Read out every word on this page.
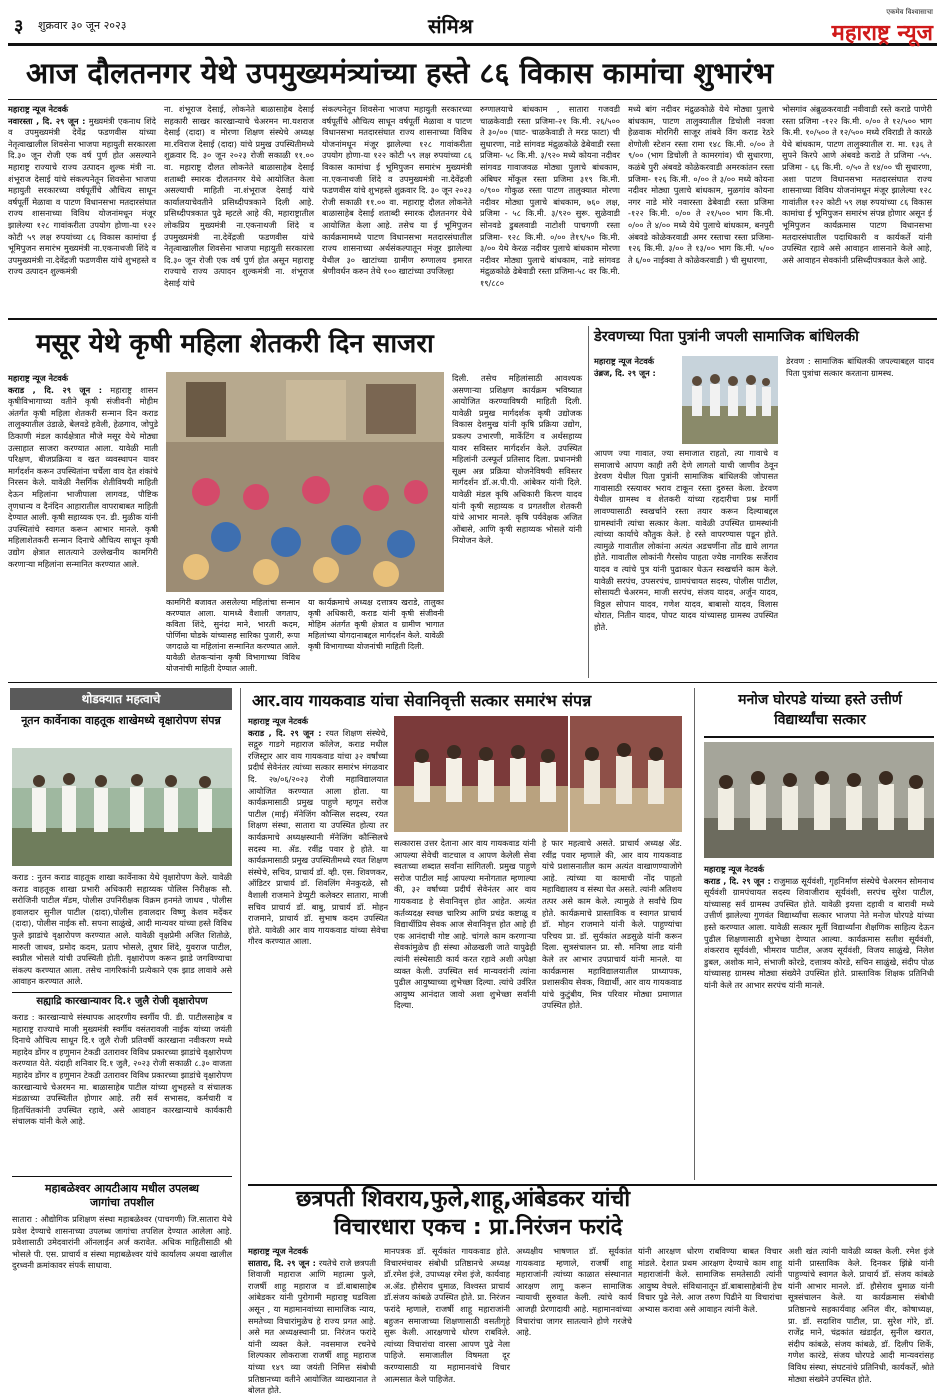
३ शुक्रवार ३० जून २०२३	संमिश्र
एकमेव विश्वासाचा
महाराष्ट्र न्यूज
आज दौलतनगर येथे उपमुख्यमंत्र्यांच्या हस्ते ८६ विकास कामांचा शुभारंभ
महाराष्ट्र न्यूज नेटवर्क
नवारस्ता , दि. २९ जून : मुख्यमंत्री एकनाथ शिंदे व उपमुख्यमंत्री देवेंद्र फडणवीस यांच्या नेतृत्वाखालील शिवसेना भाजपा महायुती सरकारला दि.३० जून रोजी एक वर्ष पुर्ण होत असल्याने महाराष्ट्र राज्याचे राज्य उत्पादन शुल्क मंत्री ना. शंभूराज देसाई यांचे संकल्पनेतून शिवसेना भाजपा महायुती सरकारच्या वर्षपूर्तीचे औचित्य साधून वर्षपूर्ती मेळावा व पाटण विधानसभा मतदारसंघात राज्य शासनाच्या विविध योजनांमधून मंजूर झालेल्या १२८ गावांकरीता उपयोग होणा-या १२२ कोटी ५९ लक्ष रुपयांच्या ८६ विकास कामांचा ई भूमिपुजन समारंभ मुख्यमंत्री ना.एकनाथजी शिंदे व उपमुख्यमंत्री ना.देवेंद्रजी फडणवीस यांचे शुभहस्ते व राज्य उत्पादन शुल्कमंत्री
ना. शंभूराज देसाई, लोकनेते बाळासाहेब देसाई सहकारी साखर कारखान्याचे चेअरमन मा.यशराज देसाई (दादा) व मोरणा शिक्षण संस्थेचे अध्यक्ष मा.रविराज देसाई (दादा) यांचे प्रमुख उपस्थितीमध्ये शुक्रवार दि. ३० जून २०२३ रोजी सकाळी ११.०० वा. महाराष्ट्र दौलत लोकनेते बाळासाहेब देसाई शताब्दी स्मारक दौलतनगर येथे आयोजित केला असल्याची माहिती ना.शंभूराज देसाई यांचे कार्यालयाचेवतीने प्रसिध्दीपत्रकाने दिली आहे. प्रसिध्दीपत्रकात पुढे म्हटले आहे की, महाराष्ट्रातील लोकप्रिय मुख्यमंत्री ना.एकनाथजी शिंदे व उपमुख्यमंत्री ना.देवेंद्रजी फडणवीस यांचे नेतृत्वाखालील शिवसेना भाजपा महायुती सरकारला दि.३० जून रोजी एक वर्ष पुर्ण होत असून महाराष्ट्र राज्याचे राज्य उत्पादन शुल्कमंत्री ना. शंभूराज देसाई यांचे
संकल्पनेतून शिवसेना भाजपा महायुती सरकारच्या वर्षपूर्तीचे औचित्य साधून वर्षपूर्ती मेळावा व पाटण विधानसभा मतदारसंघात राज्य शासनाच्या विविध योजनांमधून मंजूर झालेल्या १२८ गावांकरीता उपयोग होणा-या १२२ कोटी ५९ लक्ष रुपयांच्या ८६ विकास कामांचा ई भूमिपुजन समारंभ मुख्यमंत्री ना.एकनाथजी शिंदे व उपमुख्यमंत्री ना.देवेंद्रजी फडणवीस यांचे शुभहस्ते शुक्रवार दि. ३० जून २०२३ रोजी सकाळी ११.०० वा. महाराष्ट्र दौलत लोकनेते बाळासाहेब देसाई शताब्दी स्मारक दौलतनगर येथे आयोजित केला आहे. तसेच या ई भूमिपुजन कार्यक्रमामध्ये पाटण विधानसभा मतदारसंघातील राज्य शासनाच्या अर्थसंकल्पातून मंजूर झालेल्या येथील ३० खाटांच्या ग्रामीण रुग्णालय इमारत श्रेणीवर्धन करुन तेथे १०० खाटांच्या उपजिल्हा
रुग्णालयाचे बांधकाम , सातारा गजवडी चाळकेवाडी रस्ता प्रजिमा-२१ कि.मी. २६/५०० ते ३०/०० (घाट- चाळकेवाडी ते मरड फाटा) ची सुधारणा, नाडे सांगवड मंद्रुळकोळे ढेबेवाडी रस्ता प्रजिमा- ५८ कि.मी. ३/९२० मध्ये कोयना नदीवर सांगवड गावाजवळ मोठ्या पुलाचे बांधकाम, अंबिघर मोंकूल रस्ता प्रजिमा ३१९ कि.मी. ०/९०० गोकुळ रस्ता पाटण तालुक्यात मोरणा नदीवर मोठ्या पुलाचे बांधकाम, ७६० लक्ष, प्रजिमा - ५८ कि.मी. ३/९२० सुरू. सुळेवाडी सोनवडे डुबलवाडी नाटोशी पाचगणी रस्ता प्रजिमा- १२८ कि.मी. ०/०० ते१९/५० कि.मी. ३/०० येथे केरळ नदीवर पुलाचे बांधकाम मोरणा नदीवर मोठ्या पुलाचे बांधकाम, नाडे सांगवड मंद्रुळकोळे ढेबेवाडी रस्ता प्रजिमा-५८ वर कि.मी. १९/८८०
मध्ये बांग नदीवर मंद्रुळकोळे येथे मोठ्या पुलाचे बांधकाम, पाटण तालुक्यातील डिचोली नवजा हेळवाक मोरगिरी साजूर तांबवे विंग कराड रेठरे शेणोली स्टेशन रस्ता रामा १४८ कि.मी. ०/०० ते ९/०० (भाग डिचोली ते कामरगांव) ची सुधारणा, कळंबे पुरी अंबवडे कोळेकरवाडी अमरकांतन रस्ता प्रजिमा- १२६ कि.मी. ०/०० ते ३/०० मध्ये कोयना नदीवर मोठ्या पुलाचे बांधकाम, मुळगांव कोयना नगर नाडे मोरे नवारस्ता ढेबेवाडी रस्ता प्रजिमा -१२२ कि.मी. ०/०० ते २१/५०० भाग कि.मी. ०/०० ते ४/०० मध्ये येथे पुलाचे बांधकाम, बनपुरी अंबवडे कोळेकरवाडी अमर रस्ताचा रस्ता प्रजिमा- १२६ कि.मी. ३/०० ते १३/०० भाग कि.मी. ५/०० ते ६/०० नाईक्वा ते कोळेकरवाडी ) ची सुधारणा,
भोसगांव अंब्रुळकरवाडी नवीवाडी रस्ते कराडे पाणेरी रस्ता प्रजिमा -१२२ कि.मी. ०/०० ते १२/५०० भाग कि.मी. १०/५०० ते १२/५०० मध्ये रविराडी ते कारळे येथे बांधकाम, पाटण तालुक्यातील रा. मा. १३६ ते सुपने किरपे आणे अंबवडे कराडे ते प्रजिमा -५५. प्रजिमा - ६६ कि.मी. ०/५० ते १४/०० ची सुधारणा, अशा पाटण विधानसभा मतदारसंघात राज्य शासनाच्या विविध योजनांमधून मंजूर झालेल्या १२८ गावांतील १२२ कोटी ५९ लक्ष रुपयांच्या ८६ विकास कामांचा ई भूमिपुजन समारंभ संपन्न होणार असून ई भूमिपुजन कार्यक्रमास पाटण विधानसभा मतदारसंघातील पदाधिकारी व कार्यकर्ते यांनी उपस्थित रहावे असे आवाहन शासनाने केले आहे, असे आवाहन सेवकांनी प्रसिध्दीपत्रकात केले आहे.
मसूर येथे कृषी महिला शेतकरी दिन साजरा
महाराष्ट्र न्यूज नेटवर्क
कराड , दि. २९ जून : महाराष्ट्र शासन कृषीविभागाच्या वतीने कृषी संजीवनी मोहीम अंतर्गत कृषी महिला शेतकरी सन्मान दिन कराड तालुक्यातील उंडाळे, बेलवडे हवेली, हेळगाव, जोपुडे ठिकाणी मंडल कार्यक्षेत्रात मौजे मसूर येथे मोठ्या उत्साहात साजरा करण्यात आला. यावेळी माती परिक्षण, बीजप्रक्रिया व खत व्यवस्थापन यावर मार्गदर्शन करून उपस्थितांना चर्चेला वाव देत शंकांचे निरसन केले. यावेळी नैसर्गिक शेतीविषयी माहिती देऊन महिलांना भाजीपाला लागवड, पौष्टिक तृणधान्य व दैनंदिन आहारातील वापराबाबत माहिती देण्यात आली. कृषी सहाय्यक एन. डी. मुळीक यांनी उपस्थितांचे स्वागत करून आभार मानले. कृषी महिलाशेतकरी सन्मान दिनाचे औचित्य साधून कृषी उद्योग क्षेत्रात सातत्याने उल्लेखनीय कामगिरी करणाऱ्या महिलांना सन्मानित करण्यात आले.
कामगिरी बजावत असलेल्या महिलांचा सन्मान करण्यात आला. यामध्ये वैशाली जगताप, कविता शिंदे, सुनंदा माने, भारती कदम, पोर्णिमा घोडके यांच्यासह सारिका पुजारी, रूपा जगदाळे या महिलांना सन्मानित करण्यात आले. यावेळी शेतकऱ्यांना कृषी विभागाच्या विविध योजनांची माहिती देण्यात आली.
या कार्यक्रमाचे अध्यक्ष दत्तात्रय खराडे, तालुका कृषी अधिकारी, कराड यांनी कृषी संजीवनी मोहिम अंतर्गत कृषी क्षेत्रात व ग्रामीण भागात महिलांच्या योगदानाबद्दल मार्गदर्शन केले. यावेळी कृषी विभागाच्या योजनांची माहिती दिली.
दिली. तसेच महिलांसाठी आवश्यक असणाऱ्या प्रशिक्षण कार्यक्रम भविष्यात आयोजित करण्याविषयी माहिती दिली. यावेळी प्रमुख मार्गदर्शक कृषी उद्योजक विकास देशमुख यांनी कृषि प्रक्रिया उद्योग, प्रकल्प उभारणी, मार्केटिंग व अर्थसहाय्य यावर सविस्तर मार्गदर्शन केले. उपस्थित महिलांनी उत्स्फूर्त प्रतिसाद दिला. प्रधानमंत्री सूक्ष्म अन्न प्रक्रिया योजनेविषयी सविस्तर मार्गदर्शन डॉ.अ.पी.पी. आंबेकर यांनी दिले. यावेळी मंडल कृषि अधिकारी किरण यादव यांनी कृषी सहाय्यक व प्रगतशील शेतकरी यांचे आभार मानले. कृषि पर्यवेक्षक अजित ओंबासे, आणि कृषी सहाय्यक भोसले यांनी नियोजन केले.
डेरवणच्या पिता पुत्रांनी जपली सामाजिक बांधिलकी
महाराष्ट्र न्यूज नेटवर्क
उंब्रज, दि. २९ जून :
आपण ज्या गावात, ज्या समाजात राहतो, त्या गावाचे व समाजाचे आपण काही तरी देणे लागतो याची जाणीव ठेवून डेरवण येथील पिता पुत्रांनी सामाजिक बांधिलकी जोपासत गावासाठी रस्त्यावर भराव टाकून रस्ता दुरुस्त केला. डेरवण येथील ग्रामस्थ व शेतकरी यांच्या रहदारीचा प्रश्न मार्गी लावण्यासाठी स्वखर्चाने रस्ता तयार करून दिल्याबद्दल ग्रामस्थांनी त्यांचा सत्कार केला. यावेळी उपस्थित ग्रामस्थांनी त्यांच्या कार्याचे कौतुक केले. हे रस्ते वापरण्यास पडून होते. त्यामुळे गावातील लोकांना अत्यंत अडचणींना तोंड द्यावे लागत होते. गावातील लोकांनी गैरसोय पाहता ज्येष्ठ नागरिक सर्जेराव यादव व त्यांचे पुत्र यांनी पुढाकार घेऊन स्वखर्चाने काम केले. यावेळी सरपंच, उपसरपंच, ग्रामपंचायत सदस्य, पोलीस पाटील, सोसायटी चेअरमन, माजी सरपंच, संजय यादव, अर्जुन यादव, विठ्ठल सोपान यादव, गणेश यादव, बाबासो यादव, विलास थोरात, नितीन यादव, पोपट यादव यांच्यासह ग्रामस्थ उपस्थित होते.
डेरवण : सामाजिक बांधिलकी जपल्याबद्दल यादव पिता पुत्रांचा सत्कार करताना ग्रामस्थ.
थोडक्यात महत्वाचे
नूतन कार्वेनाका वाहतूक शाखेमध्ये वृक्षारोपण संपन्न
कराड : नुतन कराड वाहतूक शाखा कार्वेनाका येथे वृक्षारोपण केले. यावेळी कराड वाहतूक शाखा प्रभारी अधिकारी सहाय्यक पोलिस निरीक्षक सौ. सरोजिनी पाटील मॅडम, पोलीस उपनिरीक्षक विक्रम हनमंते जाधव , पोलीस हवालदार सुनील पाटील (दादा),पोलीस हवालदार विष्णु केशव मर्देकर (दादा), पोलीस नाईक सौ. सपना साळुंखे, आदी मान्यवर यांच्या हस्ते विविध फुले झाडांचे वृक्षारोपण करण्यात आले. यावेळी वृक्षप्रेमी अजित शितोळे, मारुती जाधव, प्रमोद कदम, प्रताप भोसले, तुषार शिंदे, युवराज पाटील, स्वप्नील भोसले यांची उपस्थिती होती. वृक्षारोपण करून झाडे जगविण्याचा संकल्प करण्यात आला. तसेच नागरिकांनी प्रत्येकाने एक झाड लावावे असे आवाहन करण्यात आले.
सह्याद्रि कारखान्यावर दि.१ जुलै रोजी वृक्षारोपण
कराड : कारखान्याचे संस्थापक आदरणीय स्वर्गीय पी. डी. पाटीलसाहेब व महाराष्ट्र राज्याचे माजी मुख्यमंत्री स्वर्गीय वसंतरावजी नाईक यांच्या जयंती दिनाचे औचित्य साधून दि.१ जुलै रोजी प्रतिवर्षी कारखाना नवीकरण मध्ये महादेव डोंगर व हणुमान टेकडी उतारावर विविध प्रकारच्या झाडांचे वृक्षारोपण करण्यात येते. यंदाही शनिवार दि.१ जुलै, २०२३ रोजी सकाळी ८.३० वाजता महादेव डोंगर व हणुमान टेकडी उतारावर विविध प्रकारच्या झाडांचे वृक्षारोपण कारखान्याचे चेअरमन मा. बाळासाहेब पाटील यांच्या शुभहस्ते व संचालक मंडळाच्या उपस्थितीत होणार आहे. तरी सर्व सभासद, कर्मचारी व हितचिंतकांनी उपस्थित रहावे, असे आवाहन कारखान्याचे कार्यकारी संचालक यांनी केले आहे.
महाबळेश्वर आयटीआय मधील उपलब्ध जागांचा तपशील
सातारा : औद्योगिक प्रशिक्षण संस्था महाबळेश्वर (पाचगणी) जि.सातारा येथे प्रवेश देण्याचे शासनाच्या उपलब्ध जागांचा तपशिल देण्यात आलेला आहे. प्रवेशासाठी उमेदवारांनी ऑनलाईन अर्ज करावेत. अधिक माहितीसाठी श्री भोसले पी. एस. प्राचार्य व संस्था महाबळेश्वर यांचे कार्यालय अथवा खालील दुरध्वनी क्रमांकावर संपर्क साधावा.
आर.वाय गायकवाड यांचा सेवानिवृत्ती सत्कार समारंभ संपन्न
महाराष्ट्र न्यूज नेटवर्क
कराड , दि. २९ जून : रयत शिक्षण संस्थेचे, सद्गुरु गाडगे महाराज कॉलेज, कराड मधील रजिस्ट्रार आर वाय गायकवाड यांचा ३२ वर्षांच्या प्रदीर्घ सेवेनंतर त्यांच्या सत्कार समारंभ मंगळवार दि. २७/०६/२०२३ रोजी महाविद्यालयात आयोजित करण्यात आला होता. या कार्यक्रमासाठी प्रमुख पाहुणे म्हणून सरोज पाटील (माई) मॅनेजिंग कौन्सिल सदस्य, रयत शिक्षण संस्था, सातारा या उपस्थित होत्या तर कार्यक्रमाचे अध्यक्षस्थानी मॅनेजिंग कौन्सिलचे सदस्य मा. ॲड. रवींद्र पवार हे होते. या कार्यक्रमासाठी प्रमुख उपस्थितीमध्ये रयत शिक्षण संस्थेचे, सचिव, प्राचार्य डॉ. व्ही. एस. शिवणकर, ऑडिटर प्राचार्य डॉ. शिवलिंग मेनकुदळे, सौ वैशाली राजमाने डेप्युटी कलेक्टर सातारा, माजी सचिव प्राचार्य डॉ. बाबु, प्राचार्य डॉ. मोहन राजमाने, प्राचार्य डॉ. सुभाष कदम उपस्थित होते. यावेळी आर वाय गायकवाड यांच्या सेवेचा गौरव करण्यात आला.
सत्कारास उत्तर देताना आर वाय गायकवाड यांनी आपल्या सेवेची वाटचाल व आपण केलेली सेवा स्वतःच्या शब्दात सर्वांना सांगितली. प्रमुख पाहुणे सरोज पाटील माई आपल्या मनोगतात म्हणाल्या की, ३२ वर्षाच्या प्रदीर्घ सेवेनंतर आर वाय गायकवाड हे सेवानिवृत्त होत आहेत. अत्यंत कर्तव्यदक्ष स्वच्छ चारित्र्य आणि प्रचंड कष्टाळू व विद्यार्थीप्रिय सेवक आज सेवानिवृत्त होत आहे ही एक आनंदाची गोष्ट आहे. चांगले काम करणाऱ्या सेवकांमुळेच ही संस्था ओळखली जाते यापुढेही त्यांनी संस्थेसाठी कार्य करत रहावे अशी अपेक्षा व्यक्त केली. उपस्थित सर्व मान्यवरांनी त्यांना पुढील आयुष्याच्या शुभेच्छा दिल्या. त्यांचे उर्वरित आयुष्य आनंदात जावो अशा शुभेच्छा सर्वांनी दिल्या.
हे फार महत्वाचे असते. प्राचार्य अध्यक्ष ॲड. रवींद्र पवार म्हणाले की, आर वाय गायकवाड यांचे प्रशासनातील काम अत्यंत वाखाणण्याजोगे आहे. त्यांच्या या कामाची नोंद पाहतो महाविद्यालय व संस्था घेत असते. त्यांनी अतिशय तत्पर असे काम केले. त्यामुळे ते सर्वांचे प्रिय होते. कार्यक्रमाचे प्रास्ताविक व स्वागत प्राचार्य डॉ. मोहन राजमाने यांनी केले. पाहुण्यांचा परिचय प्रा. डॉ. सुर्यकांत अडसुळे यांनी करून दिला. सुत्रसंचालन प्रा. सौ. मनिषा लाड यांनी केले तर आभार उपप्राचार्य यांनी मानले. या कार्यक्रमास महाविद्यालयातील प्राध्यापक, प्रशासकीय सेवक, विद्यार्थी, आर वाय गायकवाड यांचे कुटुंबीय, मित्र परिवार मोठ्या प्रमाणात उपस्थित होते.
मनोज घोरपडे यांच्या हस्ते उत्तीर्ण
विद्यार्थ्यांचा सत्कार
महाराष्ट्र न्यूज नेटवर्क
कराड , दि. २९ जून : राजुमाळ सूर्यवंशी, गृहनिर्माण संस्थेचे चेअरमन सोमनाथ सूर्यवंशी ग्रामपंचायत सदस्य शिवाजीराव सूर्यवंशी, सरपंच सुरेश पाटील, यांच्यासह सर्व ग्रामस्थ उपस्थित होते. यावेळी इयत्ता दहावी व बारावी मध्ये उत्तीर्ण झालेल्या गुणवंत विद्यार्थ्यांचा सत्कार भाजपा नेते मनोज घोरपडे यांच्या हस्ते करण्यात आला. यावेळी सत्कार मूर्ती विद्यार्थ्यांना शैक्षणिक साहित्य देऊन पुढील शिक्षणासाठी शुभेच्छा देण्यात आल्या. कार्यक्रमास सतीश सूर्यवंशी, शंकरराव सूर्यवंशी, भीमराव पाटील, अजय सूर्यवंशी, विजय साळुंखे, निलेश डुबल, अशोक माने, संभाजी कोरडे, दत्तात्रय कोरडे, सचिन साळुंखे, संदीप पोळ यांच्यासह ग्रामस्थ मोठ्या संख्येने उपस्थित होते. प्रास्ताविक शिक्षक प्रतिनिधी यांनी केले तर आभार सरपंच यांनी मानले.
छत्रपती शिवराय,फुले,शाहू,आंबेडकर यांची
विचारधारा एकच : प्रा.निरंजन फरांदे
महाराष्ट्र न्यूज नेटवर्क
सातारा, दि. २९ जून : रयतेचे राजे छत्रपती शिवाजी महाराज आणि महात्मा फुले, राजर्षी शाहू महाराज व डॉ.बाबासाहेब आंबेडकर यांनी पुरोगामी महाराष्ट्र घडविला असून , या महामानवांच्या सामाजिक न्याय, समतेच्या विचारांमुळेच हे राज्य प्रगत आहे. असे मत अध्यक्षस्थानी प्रा. निरंजन फरांदे यांनी व्यक्त केले. नवसमाज रचनेचे शिल्पकार लोकराजा राजर्षी शाहू महाराज यांच्या १४९ व्या जयंती निमित्त संबोधी प्रतिष्ठानच्या वतीने आयोजित व्याख्यानात ते बोलत होते.
मानपत्रक डॉ. सूर्यकांत गायकवाड होते. विचारमंचावर संबोधी प्रतिष्ठानचे अध्यक्ष डॉ.रमेश इंजे, उपाध्यक्ष रमेश इंजे, कार्यवाह अ.ॲड. हौसेराव धुमाळ, विश्वस्त प्राचार्य डॉ.संजय कांबळे उपस्थित होते. प्रा. निरंजन फरांदे म्हणाले, राजर्षी शाहू महाराजांनी बहुजन समाजाच्या शिक्षणासाठी वसतीगृहे सुरू केली. आरक्षणाचे धोरण राबविले. त्यांच्या विचारांचा वारसा आपण पुढे नेला पाहिजे. समाजातील विषमता दूर करण्यासाठी या महामानवांचे विचार आत्मसात केले पाहिजेत.
अध्यक्षीय भाषणात डॉ. सूर्यकांत गायकवाड म्हणाले, राजर्षी शाहू महाराजांनी त्यांच्या काळात संस्थानात आरक्षण लागू करून सामाजिक न्यायाची सुरुवात केली. त्यांचे कार्य आजही प्रेरणादायी आहे. महामानवांच्या विचारांचा जागर सातत्याने होणे गरजेचे आहे.
यांनी आरक्षण धोरण राबविण्या बाबत विचार मांडले. देशात प्रथम आरक्षण देण्याचे काम शाहू महाराजांनी केले. सामाजिक समतेसाठी त्यांनी आयुष्य वेचले. संविधानातून डॉ.बाबासाहेबांनी हेच विचार पुढे नेले. आज तरुण पिढीने या विचारांचा अभ्यास करावा असे आवाहन त्यांनी केले.
अशी खंत त्यांनी यावेळी व्यक्त केली. रमेश इंजे यांनी प्रास्ताविक केले. दिनकर झिंब्रे यांनी पाहुण्यांचे स्वागत केले. प्राचार्य डॉ. संजय कांबळे यांनी आभार मानले. डॉ. हौसेराव धुमाळ यांनी सूत्रसंचालन केले. या कार्यक्रमास संबोधी प्रतिष्ठानचे सहकार्यवाह अनिल वीर, कोषाध्यक्ष, प्रा. डॉ. सदाशिव पाटील, प्रा. सुरेश गोरे, डॉ. राजेंद्र माने, चंद्रकांत खंडाईत, सुनील खरात, संदीप कांबळे, संजय कांबळे, डॉ. दिलीप शिर्के, गणेश कारंडे, संजय घोरपडे आदी मान्यवरांसह विविध संस्था, संघटनांचे प्रतिनिधी, कार्यकर्ते, श्रोते मोठ्या संख्येने उपस्थित होते.
